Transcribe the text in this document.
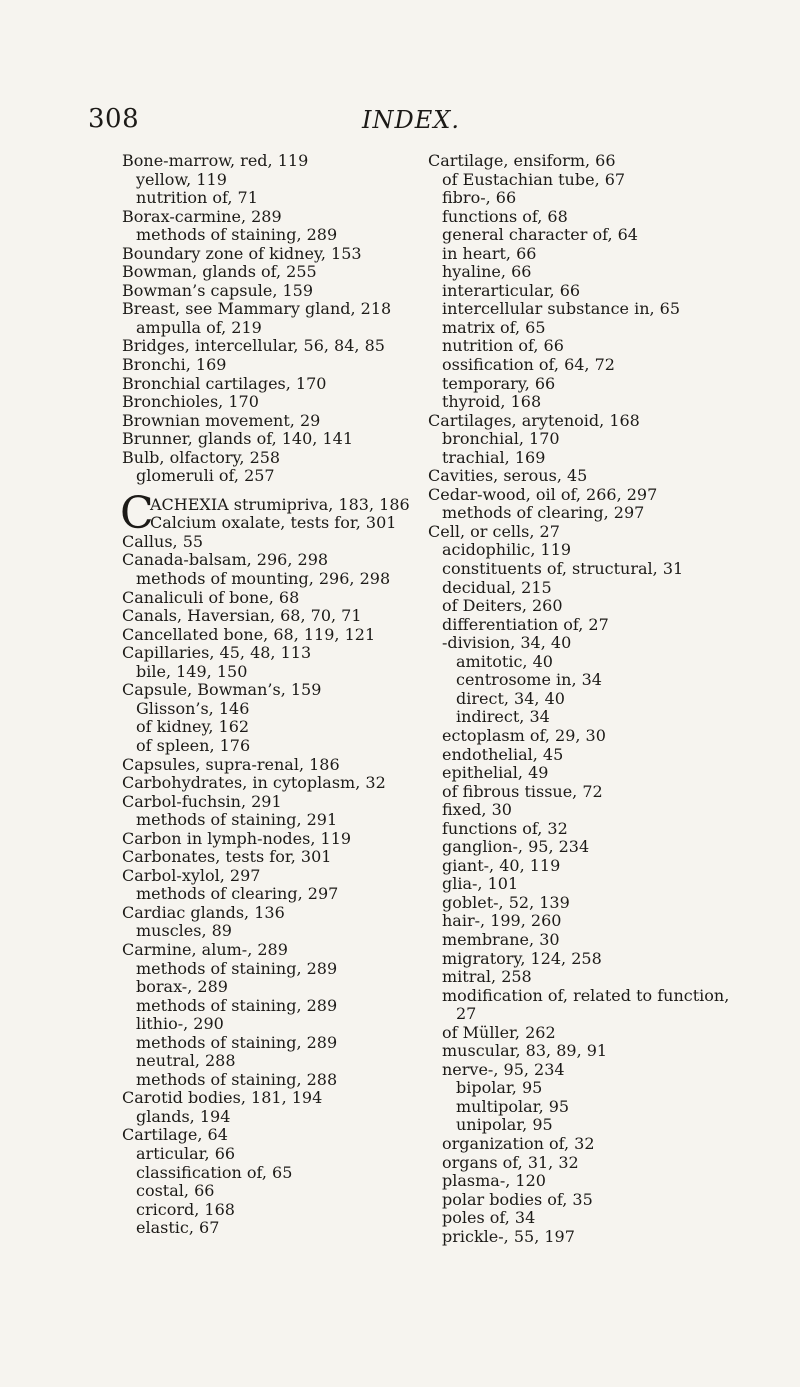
308	INDEX.
Bone-marrow, red, 119
yellow, 119
nutrition of, 71
Borax-carmine, 289
methods of staining, 289
Boundary zone of kidney, 153
Bowman, glands of, 255
Bowman’s capsule, 159
Breast, see Mammary gland, 218
ampulla of, 219
Bridges, intercellular, 56, 84, 85
Bronchi, 169
Bronchial cartilages, 170
Bronchioles, 170
Brownian movement, 29
Brunner, glands of, 140, 141
Bulb, olfactory, 258
glomeruli of, 257
C
ACHEXIA strumipriva, 183, 186
Calcium oxalate, tests for, 301
Callus, 55
Canada-balsam, 296, 298
methods of mounting, 296, 298
Canaliculi of bone, 68
Canals, Haversian, 68, 70, 71
Cancellated bone, 68, 119, 121
Capillaries, 45, 48, 113
bile, 149, 150
Capsule, Bowman’s, 159
Glisson’s, 146
of kidney, 162
of spleen, 176
Capsules, supra-renal, 186
Carbohydrates, in cytoplasm, 32
Carbol-fuchsin, 291
methods of staining, 291
Carbon in lymph-nodes, 119
Carbonates, tests for, 301
Carbol-xylol, 297
methods of clearing, 297
Cardiac glands, 136
muscles, 89
Carmine, alum-, 289
methods of staining, 289
borax-, 289
methods of staining, 289
lithio-, 290
methods of staining, 289
neutral, 288
methods of staining, 288
Carotid bodies, 181, 194
glands, 194
Cartilage, 64
articular, 66
classification of, 65
costal, 66
cricord, 168
elastic, 67
Cartilage, ensiform, 66
of Eustachian tube, 67
fibro-, 66
functions of, 68
general character of, 64
in heart, 66
hyaline, 66
interarticular, 66
intercellular substance in, 65
matrix of, 65
nutrition of, 66
ossification of, 64, 72
temporary, 66
thyroid, 168
Cartilages, arytenoid, 168
bronchial, 170
trachial, 169
Cavities, serous, 45
Cedar-wood, oil of, 266, 297
methods of clearing, 297
Cell, or cells, 27
acidophilic, 119
constituents of, structural, 31
decidual, 215
of Deiters, 260
differentiation of, 27
-division, 34, 40
amitotic, 40
centrosome in, 34
direct, 34, 40
indirect, 34
ectoplasm of, 29, 30
endothelial, 45
epithelial, 49
of fibrous tissue, 72
fixed, 30
functions of, 32
ganglion-, 95, 234
giant-, 40, 119
glia-, 101
goblet-, 52, 139
hair-, 199, 260
membrane, 30
migratory, 124, 258
mitral, 258
modification of, related to function,
27
of Müller, 262
muscular, 83, 89, 91
nerve-, 95, 234
bipolar, 95
multipolar, 95
unipolar, 95
organization of, 32
organs of, 31, 32
plasma-, 120
polar bodies of, 35
poles of, 34
prickle-, 55, 197
